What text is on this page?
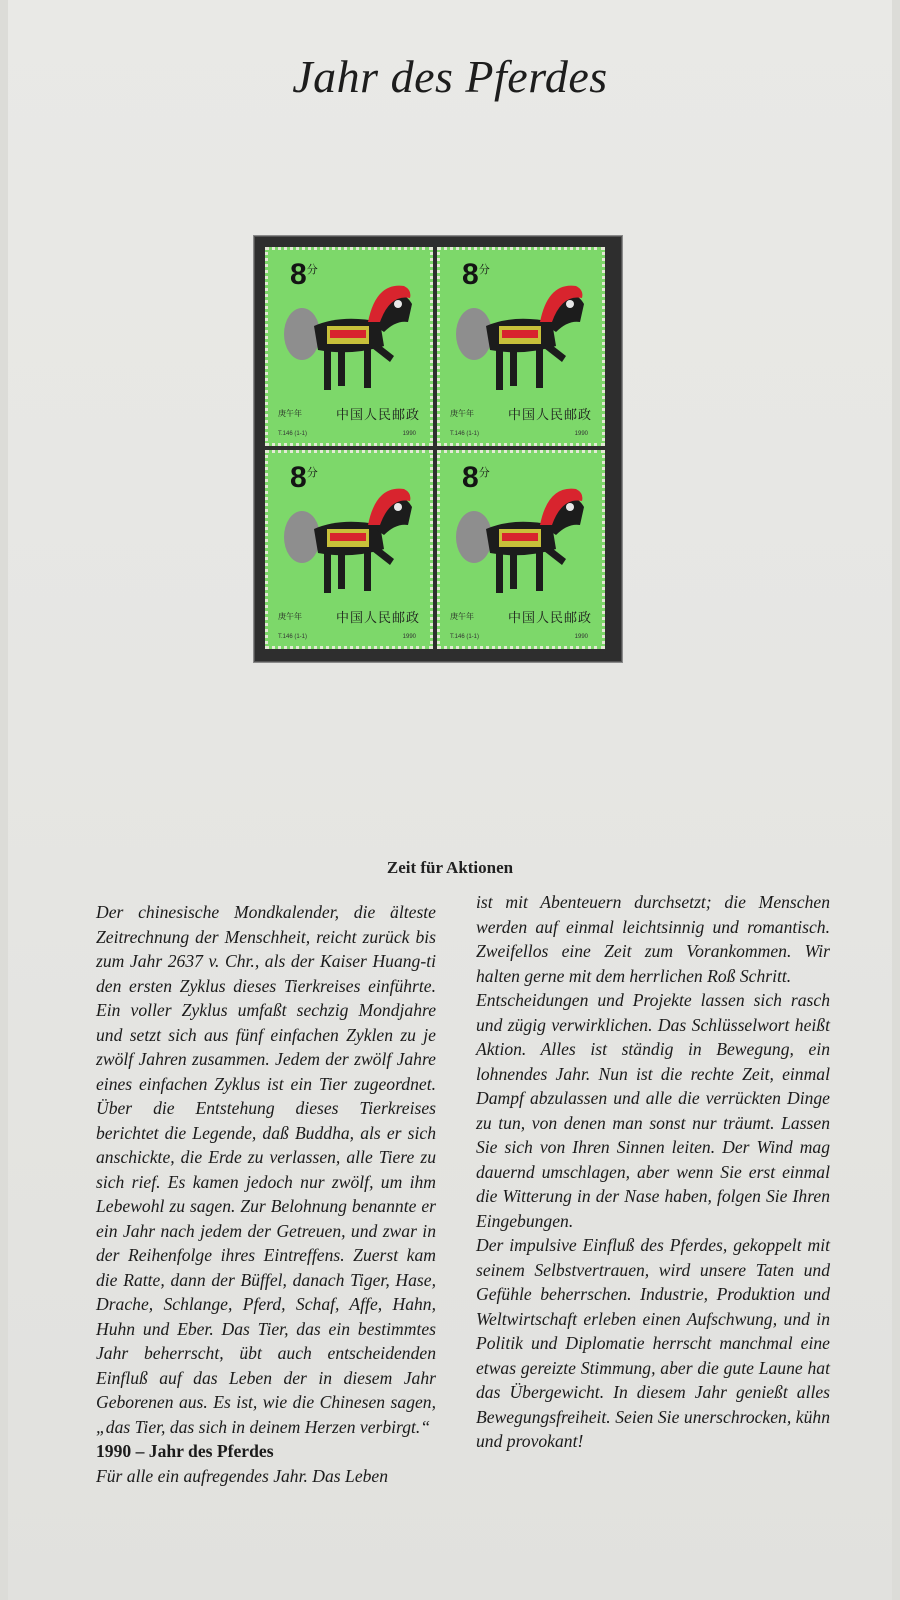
Jahr des Pferdes
$8^分$
庚午年	中国人民邮政
T.146 (1-1)	1990
$8^分$
庚午年	中国人民邮政
T.146 (1-1)	1990
$8^分$
庚午年	中国人民邮政
T.146 (1-1)	1990
$8^分$
庚午年	中国人民邮政
T.146 (1-1)	1990
Zeit für Aktionen

Der chinesische Mondkalender, die älteste Zeitrechnung der Menschheit, reicht zurück bis zum Jahr 2637 v. Chr., als der Kaiser Huang-ti den ersten Zyklus dieses Tierkreises einführte. Ein voller Zyklus umfaßt sechzig Mondjahre und setzt sich aus fünf einfachen Zyklen zu je zwölf Jahren zusammen. Jedem der zwölf Jahre eines einfachen Zyklus ist ein Tier zugeordnet. Über die Entstehung dieses Tierkreises berichtet die Legende, daß Buddha, als er sich anschickte, die Erde zu verlassen, alle Tiere zu sich rief. Es kamen jedoch nur zwölf, um ihm Lebewohl zu sagen. Zur Belohnung benannte er ein Jahr nach jedem der Getreuen, und zwar in der Reihenfolge ihres Eintreffens. Zuerst kam die Ratte, dann der Büffel, danach Tiger, Hase, Drache, Schlange, Pferd, Schaf, Affe, Hahn, Huhn und Eber. Das Tier, das ein bestimmtes Jahr beherrscht, übt auch entscheidenden Einfluß auf das Leben der in diesem Jahr Geborenen aus. Es ist, wie die Chinesen sagen, „das Tier, das sich in deinem Herzen verbirgt.“

1990 – Jahr des Pferdes

Für alle ein aufregendes Jahr. Das Leben

ist mit Abenteuern durchsetzt; die Menschen werden auf einmal leichtsinnig und romantisch. Zweifellos eine Zeit zum Vorankommen. Wir halten gerne mit dem herrlichen Roß Schritt.

Entscheidungen und Projekte lassen sich rasch und zügig verwirklichen. Das Schlüsselwort heißt Aktion. Alles ist ständig in Bewegung, ein lohnendes Jahr. Nun ist die rechte Zeit, einmal Dampf abzulassen und alle die verrückten Dinge zu tun, von denen man sonst nur träumt. Lassen Sie sich von Ihren Sinnen leiten. Der Wind mag dauernd umschlagen, aber wenn Sie erst einmal die Witterung in der Nase haben, folgen Sie Ihren Eingebungen.

Der impulsive Einfluß des Pferdes, gekoppelt mit seinem Selbstvertrauen, wird unsere Taten und Gefühle beherrschen. Industrie, Produktion und Weltwirtschaft erleben einen Aufschwung, und in Politik und Diplomatie herrscht manchmal eine etwas gereizte Stimmung, aber die gute Laune hat das Übergewicht. In diesem Jahr genießt alles Bewegungsfreiheit. Seien Sie unerschrocken, kühn und provokant!
